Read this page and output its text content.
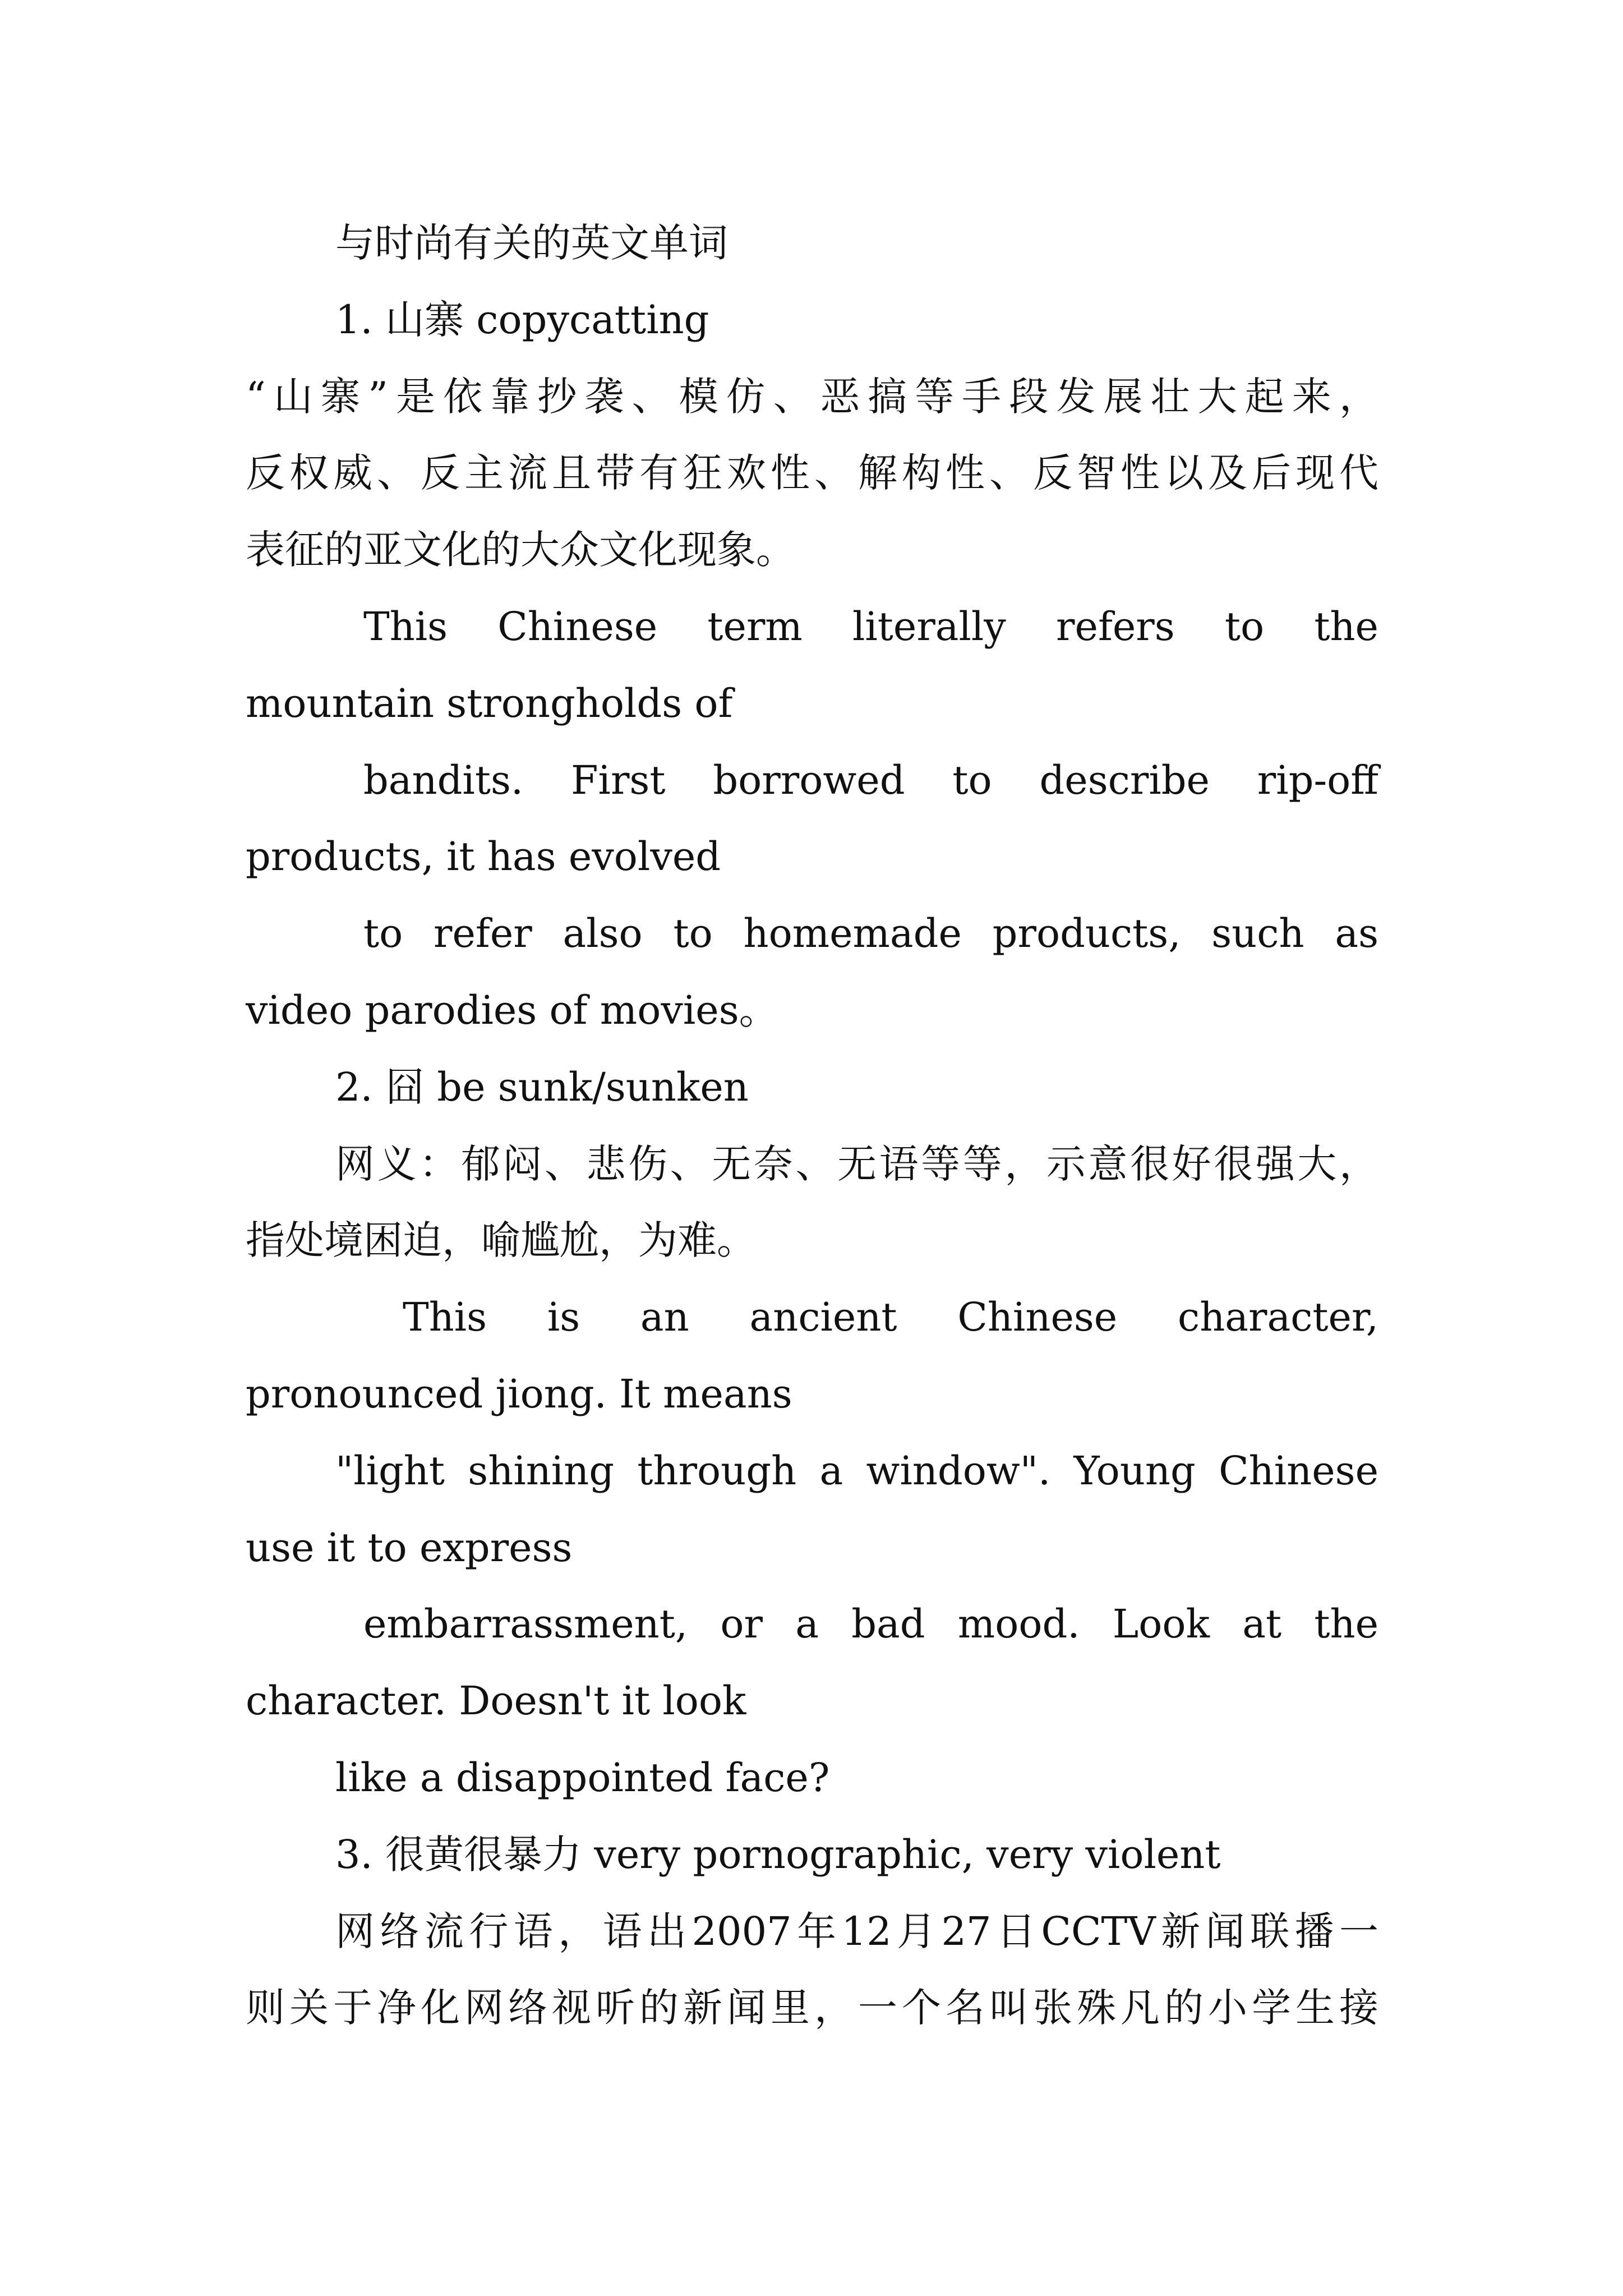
与时尚有关的英文单词
1. 山寨 copycatting
“山寨”是依靠抄袭、模仿、恶搞等手段发展壮大起来，
反权威、反主流且带有狂欢性、解构性、反智性以及后现代
表征的亚文化的大众文化现象。
This Chinese term literally refers to the
mountain strongholds of
bandits. First borrowed to describe rip-off
products, it has evolved
to refer also to homemade products, such as
video parodies of movies。
2. 囧 be sunk/sunken
网义：郁闷、悲伤、无奈、无语等等，示意很好很强大，
指处境困迫，喻尴尬，为难。
This is an ancient Chinese character,
pronounced jiong. It means
"light shining through a window". Young Chinese
use it to express
embarrassment, or a bad mood. Look at the
character. Doesn't it look
like a disappointed face?
3. 很黄很暴力 very pornographic, very violent
网络流行语，语出2007年12月27日CCTV新闻联播一
则关于净化网络视听的新闻里，一个名叫张殊凡的小学生接
